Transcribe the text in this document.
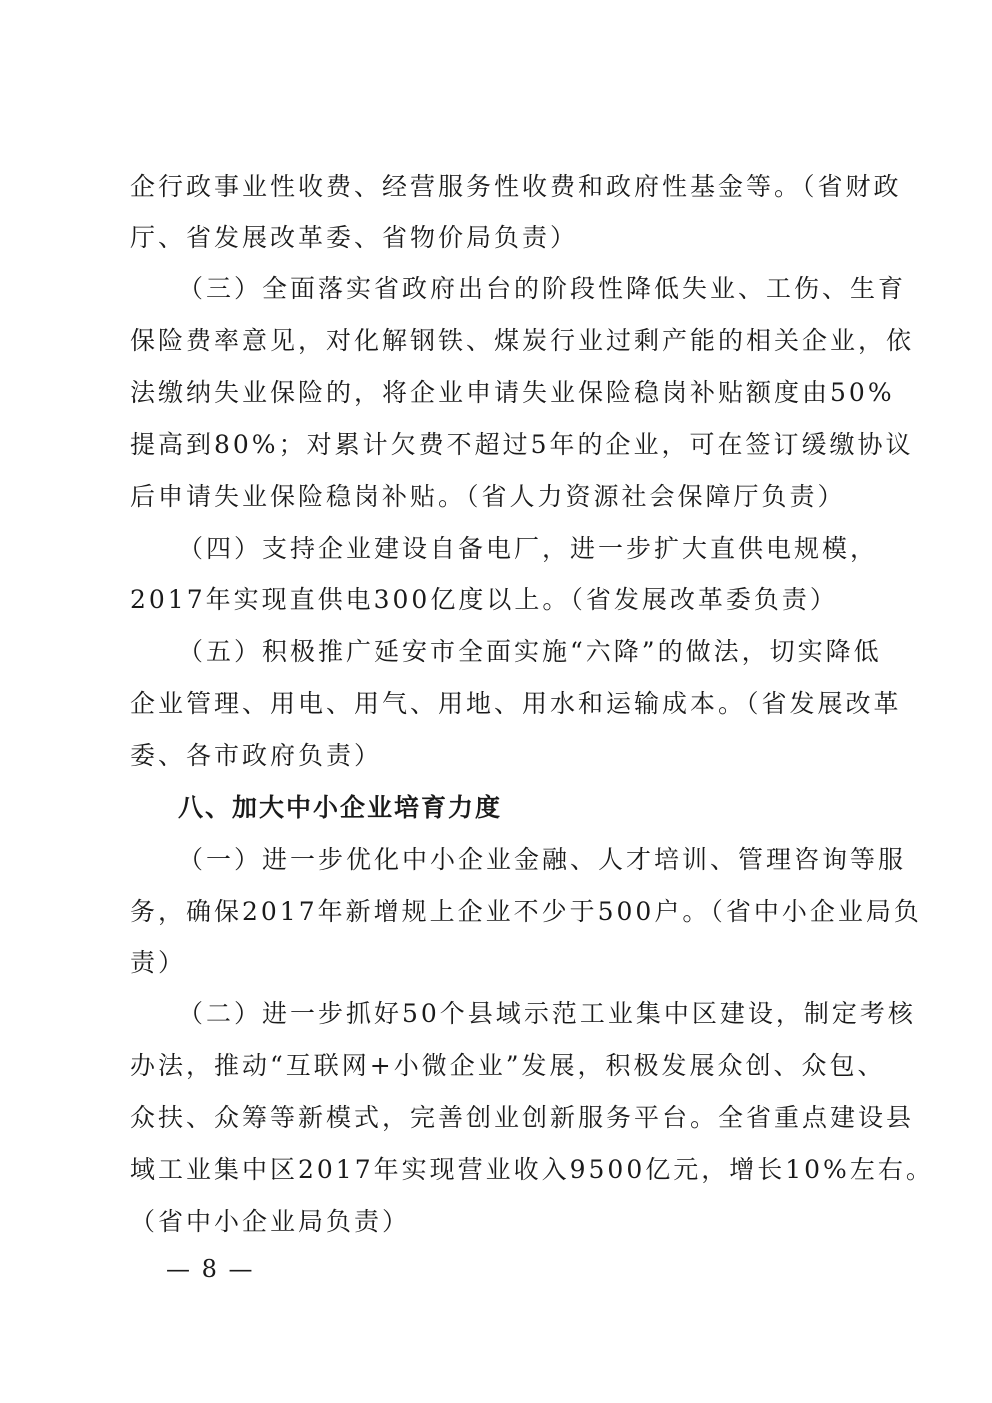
企行政事业性收费、经营服务性收费和政府性基金等。（省财政
厅、省发展改革委、省物价局负责）
（三）全面落实省政府出台的阶段性降低失业、工伤、生育
保险费率意见，对化解钢铁、煤炭行业过剩产能的相关企业，依
法缴纳失业保险的，将企业申请失业保险稳岗补贴额度由50%
提高到80%；对累计欠费不超过5年的企业，可在签订缓缴协议
后申请失业保险稳岗补贴。（省人力资源社会保障厅负责）
（四）支持企业建设自备电厂，进一步扩大直供电规模，
2017年实现直供电300亿度以上。（省发展改革委负责）
（五）积极推广延安市全面实施“六降”的做法，切实降低
企业管理、用电、用气、用地、用水和运输成本。（省发展改革
委、各市政府负责）
八、加大中小企业培育力度
（一）进一步优化中小企业金融、人才培训、管理咨询等服
务，确保2017年新增规上企业不少于500户。（省中小企业局负
责）
（二）进一步抓好50个县域示范工业集中区建设，制定考核
办法，推动“互联网+小微企业”发展，积极发展众创、众包、
众扶、众筹等新模式，完善创业创新服务平台。全省重点建设县
域工业集中区2017年实现营业收入9500亿元，增长10%左右。
（省中小企业局负责）
— 8 —
